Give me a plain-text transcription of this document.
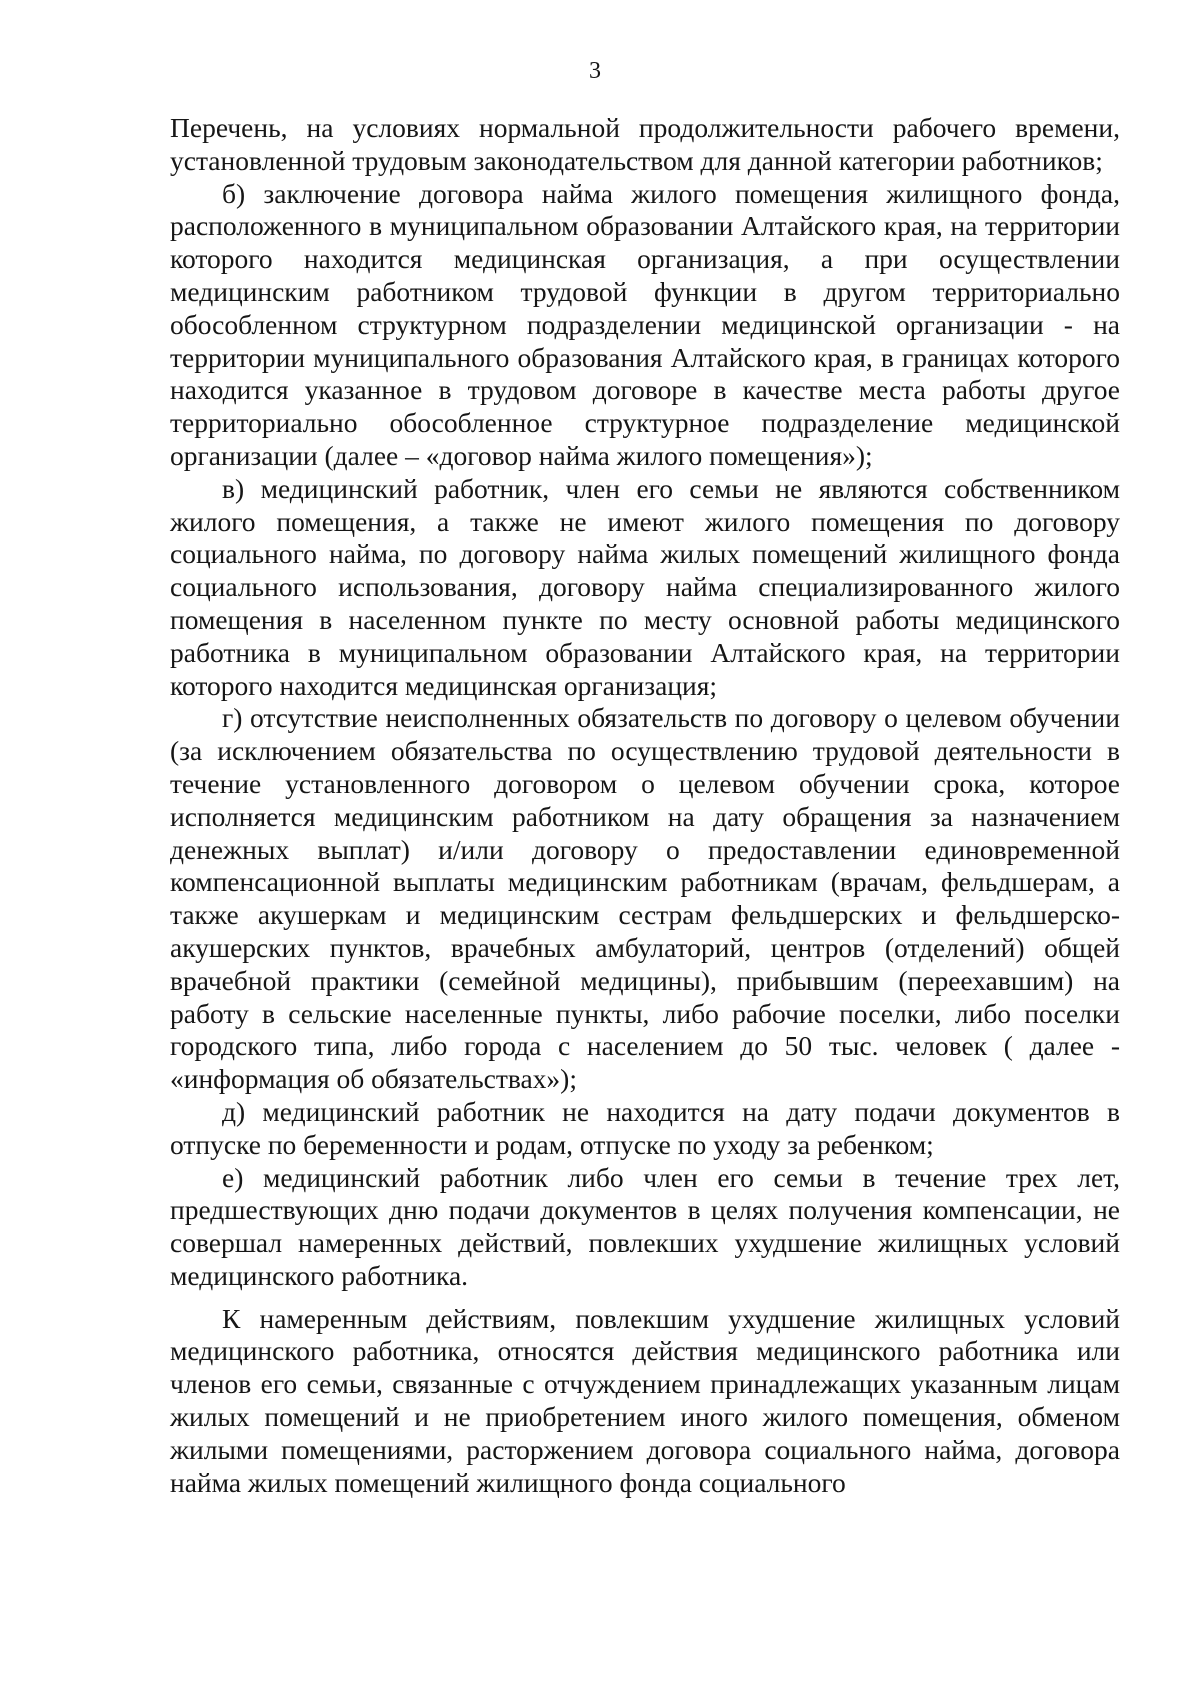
3

Перечень, на условиях нормальной продолжительности рабочего времени, установленной трудовым законодательством для данной категории работников;

б) заключение договора найма жилого помещения жилищного фонда, расположенного в муниципальном образовании Алтайского края, на территории которого находится медицинская организация, а при осуществлении медицинским работником трудовой функции в другом территориально обособленном структурном подразделении медицинской организации - на территории муниципального образования Алтайского края, в границах которого находится указанное в трудовом договоре в качестве места работы другое территориально обособленное структурное подразделение медицинской организации (далее – «договор найма жилого помещения»);

в) медицинский работник, член его семьи не являются собственником жилого помещения, а также не имеют жилого помещения по договору социального найма, по договору найма жилых помещений жилищного фонда социального использования, договору найма специализированного жилого помещения в населенном пункте по месту основной работы медицинского работника в муниципальном образовании Алтайского края, на территории которого находится медицинская организация;

г) отсутствие неисполненных обязательств по договору о целевом обучении (за исключением обязательства по осуществлению трудовой деятельности в течение установленного договором о целевом обучении срока, которое исполняется медицинским работником на дату обращения за назначением денежных выплат) и/или договору о предоставлении единовременной компенсационной выплаты медицинским работникам (врачам, фельдшерам, а также акушеркам и медицинским сестрам фельдшерских и фельдшерско-акушерских пунктов, врачебных амбулаторий, центров (отделений) общей врачебной практики (семейной медицины), прибывшим (переехавшим) на работу в сельские населенные пункты, либо рабочие поселки, либо поселки городского типа, либо города с населением до 50 тыс. человек ( далее - «информация об обязательствах»);

д) медицинский работник не находится на дату подачи документов в отпуске по беременности и родам, отпуске по уходу за ребенком;

е) медицинский работник либо член его семьи в течение трех лет, предшествующих дню подачи документов в целях получения компенсации, не совершал намеренных действий, повлекших ухудшение жилищных условий медицинского работника.

К намеренным действиям, повлекшим ухудшение жилищных условий медицинского работника, относятся действия медицинского работника или членов его семьи, связанные с отчуждением принадлежащих указанным лицам жилых помещений и не приобретением иного жилого помещения, обменом жилыми помещениями, расторжением договора социального найма, договора найма жилых помещений жилищного фонда социального
